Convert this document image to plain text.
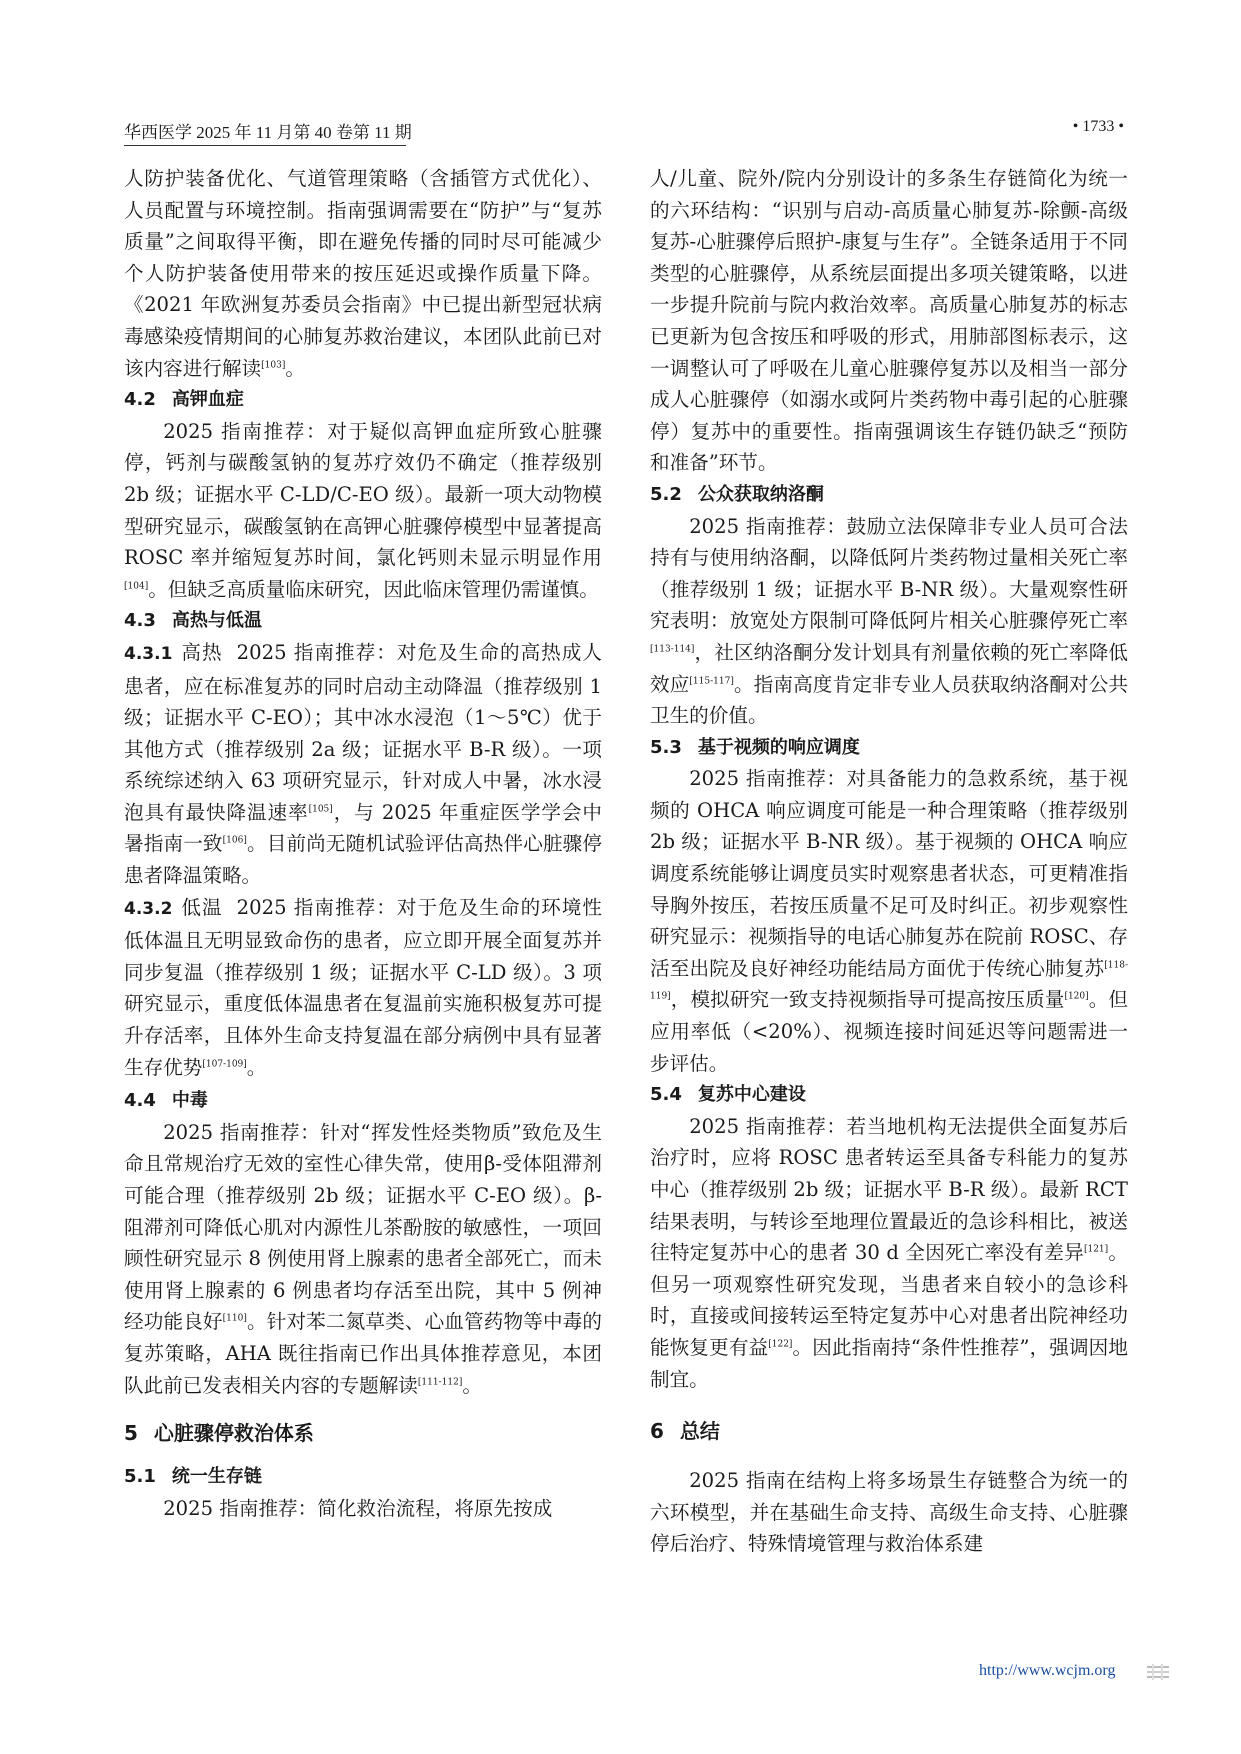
华西医学 2025 年 11 月第 40 卷第 11 期	• 1733 •

人防护装备优化、气道管理策略（含插管方式优化）、人员配置与环境控制。指南强调需要在“防护”与“复苏质量”之间取得平衡，即在避免传播的同时尽可能减少个人防护装备使用带来的按压延迟或操作质量下降。《2021 年欧洲复苏委员会指南》中已提出新型冠状病毒感染疫情期间的心肺复苏救治建议，本团队此前已对该内容进行解读[103]。

4.2 高钾血症

2025 指南推荐：对于疑似高钾血症所致心脏骤停，钙剂与碳酸氢钠的复苏疗效仍不确定（推荐级别 2b 级；证据水平 C-LD/C-EO 级）。最新一项大动物模型研究显示，碳酸氢钠在高钾心脏骤停模型中显著提高 ROSC 率并缩短复苏时间，氯化钙则未显示明显作用[104]。但缺乏高质量临床研究，因此临床管理仍需谨慎。

4.3 高热与低温

4.3.1 高热 2025 指南推荐：对危及生命的高热成人患者，应在标准复苏的同时启动主动降温（推荐级别 1 级；证据水平 C-EO）；其中冰水浸泡（1～5℃）优于其他方式（推荐级别 2a 级；证据水平 B-R 级）。一项系统综述纳入 63 项研究显示，针对成人中暑，冰水浸泡具有最快降温速率[105]，与 2025 年重症医学学会中暑指南一致[106]。目前尚无随机试验评估高热伴心脏骤停患者降温策略。

4.3.2 低温 2025 指南推荐：对于危及生命的环境性低体温且无明显致命伤的患者，应立即开展全面复苏并同步复温（推荐级别 1 级；证据水平 C-LD 级）。3 项研究显示，重度低体温患者在复温前实施积极复苏可提升存活率，且体外生命支持复温在部分病例中具有显著生存优势[107-109]。

4.4 中毒

2025 指南推荐：针对“挥发性烃类物质”致危及生命且常规治疗无效的室性心律失常，使用β-受体阻滞剂可能合理（推荐级别 2b 级；证据水平 C-EO 级）。β-阻滞剂可降低心肌对内源性儿茶酚胺的敏感性，一项回顾性研究显示 8 例使用肾上腺素的患者全部死亡，而未使用肾上腺素的 6 例患者均存活至出院，其中 5 例神经功能良好[110]。针对苯二氮草类、心血管药物等中毒的复苏策略，AHA 既往指南已作出具体推荐意见，本团队此前已发表相关内容的专题解读[111-112]。

5 心脏骤停救治体系
5.1 统一生存链

2025 指南推荐：简化救治流程，将原先按成

人/儿童、院外/院内分别设计的多条生存链简化为统一的六环结构：“识别与启动-高质量心肺复苏-除颤-高级复苏-心脏骤停后照护-康复与生存”。全链条适用于不同类型的心脏骤停，从系统层面提出多项关键策略，以进一步提升院前与院内救治效率。高质量心肺复苏的标志已更新为包含按压和呼吸的形式，用肺部图标表示，这一调整认可了呼吸在儿童心脏骤停复苏以及相当一部分成人心脏骤停（如溺水或阿片类药物中毒引起的心脏骤停）复苏中的重要性。指南强调该生存链仍缺乏“预防和准备”环节。

5.2 公众获取纳洛酮

2025 指南推荐：鼓励立法保障非专业人员可合法持有与使用纳洛酮，以降低阿片类药物过量相关死亡率（推荐级别 1 级；证据水平 B-NR 级）。大量观察性研究表明：放宽处方限制可降低阿片相关心脏骤停死亡率[113-114]，社区纳洛酮分发计划具有剂量依赖的死亡率降低效应[115-117]。指南高度肯定非专业人员获取纳洛酮对公共卫生的价值。

5.3 基于视频的响应调度

2025 指南推荐：对具备能力的急救系统，基于视频的 OHCA 响应调度可能是一种合理策略（推荐级别 2b 级；证据水平 B-NR 级）。基于视频的 OHCA 响应调度系统能够让调度员实时观察患者状态，可更精准指导胸外按压，若按压质量不足可及时纠正。初步观察性研究显示：视频指导的电话心肺复苏在院前 ROSC、存活至出院及良好神经功能结局方面优于传统心肺复苏[118-119]，模拟研究一致支持视频指导可提高按压质量[120]。但应用率低（<20%）、视频连接时间延迟等问题需进一步评估。

5.4 复苏中心建设

2025 指南推荐：若当地机构无法提供全面复苏后治疗时，应将 ROSC 患者转运至具备专科能力的复苏中心（推荐级别 2b 级；证据水平 B-R 级）。最新 RCT 结果表明，与转诊至地理位置最近的急诊科相比，被送往特定复苏中心的患者 30 d 全因死亡率没有差异[121]。但另一项观察性研究发现，当患者来自较小的急诊科时，直接或间接转运至特定复苏中心对患者出院神经功能恢复更有益[122]。因此指南持“条件性推荐”，强调因地制宜。

6 总结

2025 指南在结构上将多场景生存链整合为统一的六环模型，并在基础生命支持、高级生命支持、心脏骤停后治疗、特殊情境管理与救治体系建

http://www.wcjm.org
